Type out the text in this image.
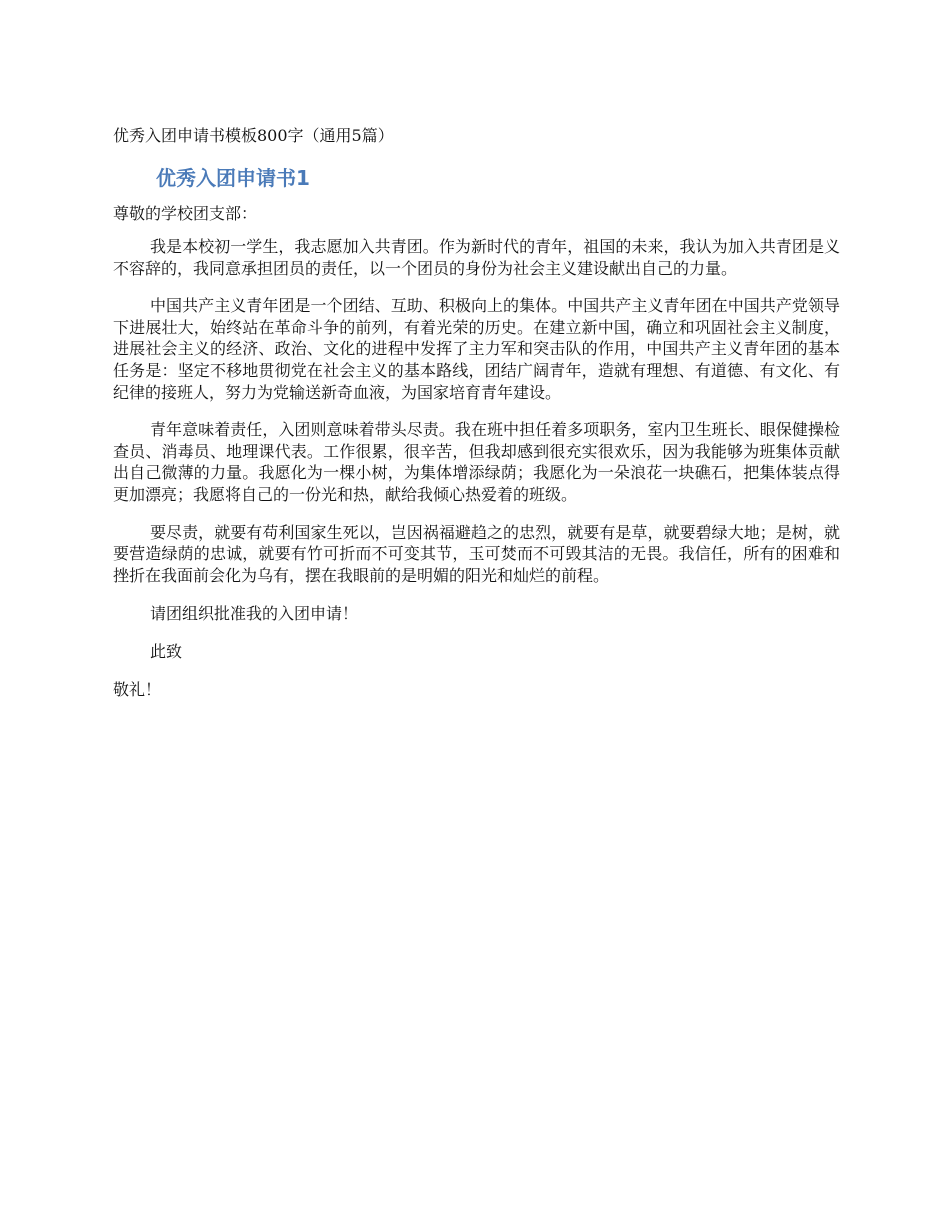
优秀入团申请书模板800字（通用5篇）
优秀入团申请书1
尊敬的学校团支部：

我是本校初一学生，我志愿加入共青团。作为新时代的青年，祖国的未来，我认为加入共青团是义不容辞的，我同意承担团员的责任，以一个团员的身份为社会主义建设献出自己的力量。

中国共产主义青年团是一个团结、互助、积极向上的集体。中国共产主义青年团在中国共产党领导下进展壮大，始终站在革命斗争的前列，有着光荣的历史。在建立新中国，确立和巩固社会主义制度，进展社会主义的经济、政治、文化的进程中发挥了主力军和突击队的作用，中国共产主义青年团的基本任务是：坚定不移地贯彻党在社会主义的基本路线，团结广阔青年，造就有理想、有道德、有文化、有纪律的接班人，努力为党输送新奇血液，为国家培育青年建设。

青年意味着责任，入团则意味着带头尽责。我在班中担任着多项职务，室内卫生班长、眼保健操检查员、消毒员、地理课代表。工作很累，很辛苦，但我却感到很充实很欢乐，因为我能够为班集体贡献出自己微薄的力量。我愿化为一棵小树，为集体增添绿荫；我愿化为一朵浪花一块礁石，把集体装点得更加漂亮；我愿将自己的一份光和热，献给我倾心热爱着的班级。

要尽责，就要有苟利国家生死以，岂因祸福避趋之的忠烈，就要有是草，就要碧绿大地；是树，就要营造绿荫的忠诚，就要有竹可折而不可变其节，玉可焚而不可毁其洁的无畏。我信任，所有的困难和挫折在我面前会化为乌有，摆在我眼前的是明媚的阳光和灿烂的前程。

请团组织批准我的入团申请！
此致
敬礼！
